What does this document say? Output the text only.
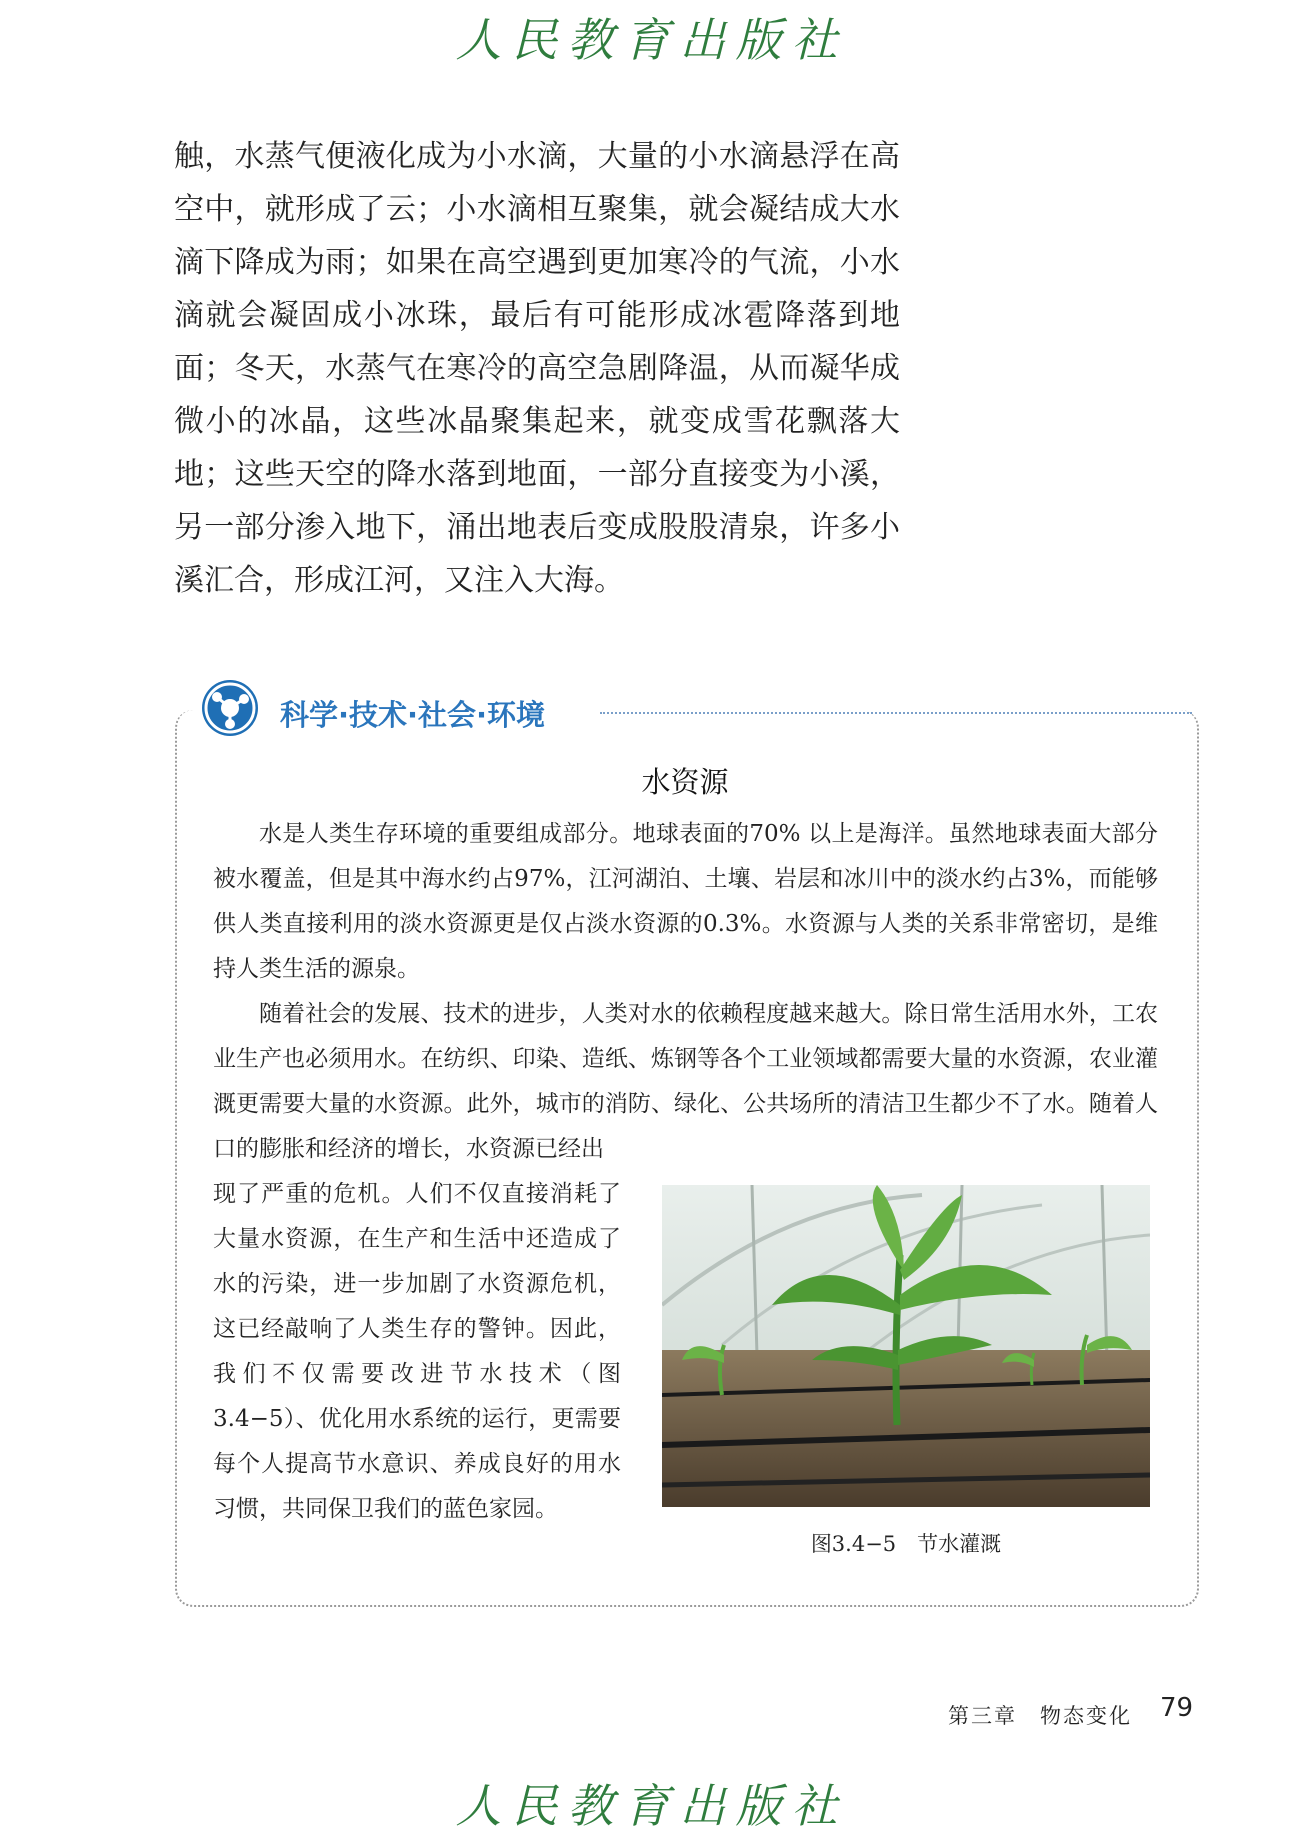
人民教育出版社

触，水蒸气便液化成为小水滴，大量的小水滴悬浮在高空中，就形成了云；小水滴相互聚集，就会凝结成大水滴下降成为雨；如果在高空遇到更加寒冷的气流，小水滴就会凝固成小冰珠，最后有可能形成冰雹降落到地面；冬天，水蒸气在寒冷的高空急剧降温，从而凝华成微小的冰晶，这些冰晶聚集起来，就变成雪花飘落大地；这些天空的降水落到地面，一部分直接变为小溪，另一部分渗入地下，涌出地表后变成股股清泉，许多小溪汇合，形成江河，又注入大海。

科学·技术·社会·环境
水资源

水是人类生存环境的重要组成部分。地球表面的70% 以上是海洋。虽然地球表面大部分被水覆盖，但是其中海水约占97%，江河湖泊、土壤、岩层和冰川中的淡水约占3%，而能够供人类直接利用的淡水资源更是仅占淡水资源的0.3%。水资源与人类的关系非常密切，是维持人类生活的源泉。

随着社会的发展、技术的进步，人类对水的依赖程度越来越大。除日常生活用水外，工农业生产也必须用水。在纺织、印染、造纸、炼钢等各个工业领域都需要大量的水资源，农业灌溉更需要大量的水资源。此外，城市的消防、绿化、公共场所的清洁卫生都少不了水。随着人口的膨胀和经济的增长，水资源已经出

现了严重的危机。人们不仅直接消耗了大量水资源，在生产和生活中还造成了水的污染，进一步加剧了水资源危机，这已经敲响了人类生存的警钟。因此，我们不仅需要改进节水技术（图3.4−5）、优化用水系统的运行，更需要每个人提高节水意识、养成良好的用水习惯，共同保卫我们的蓝色家园。

图3.4−5　节水灌溉
第三章　物态变化 79
人民教育出版社
